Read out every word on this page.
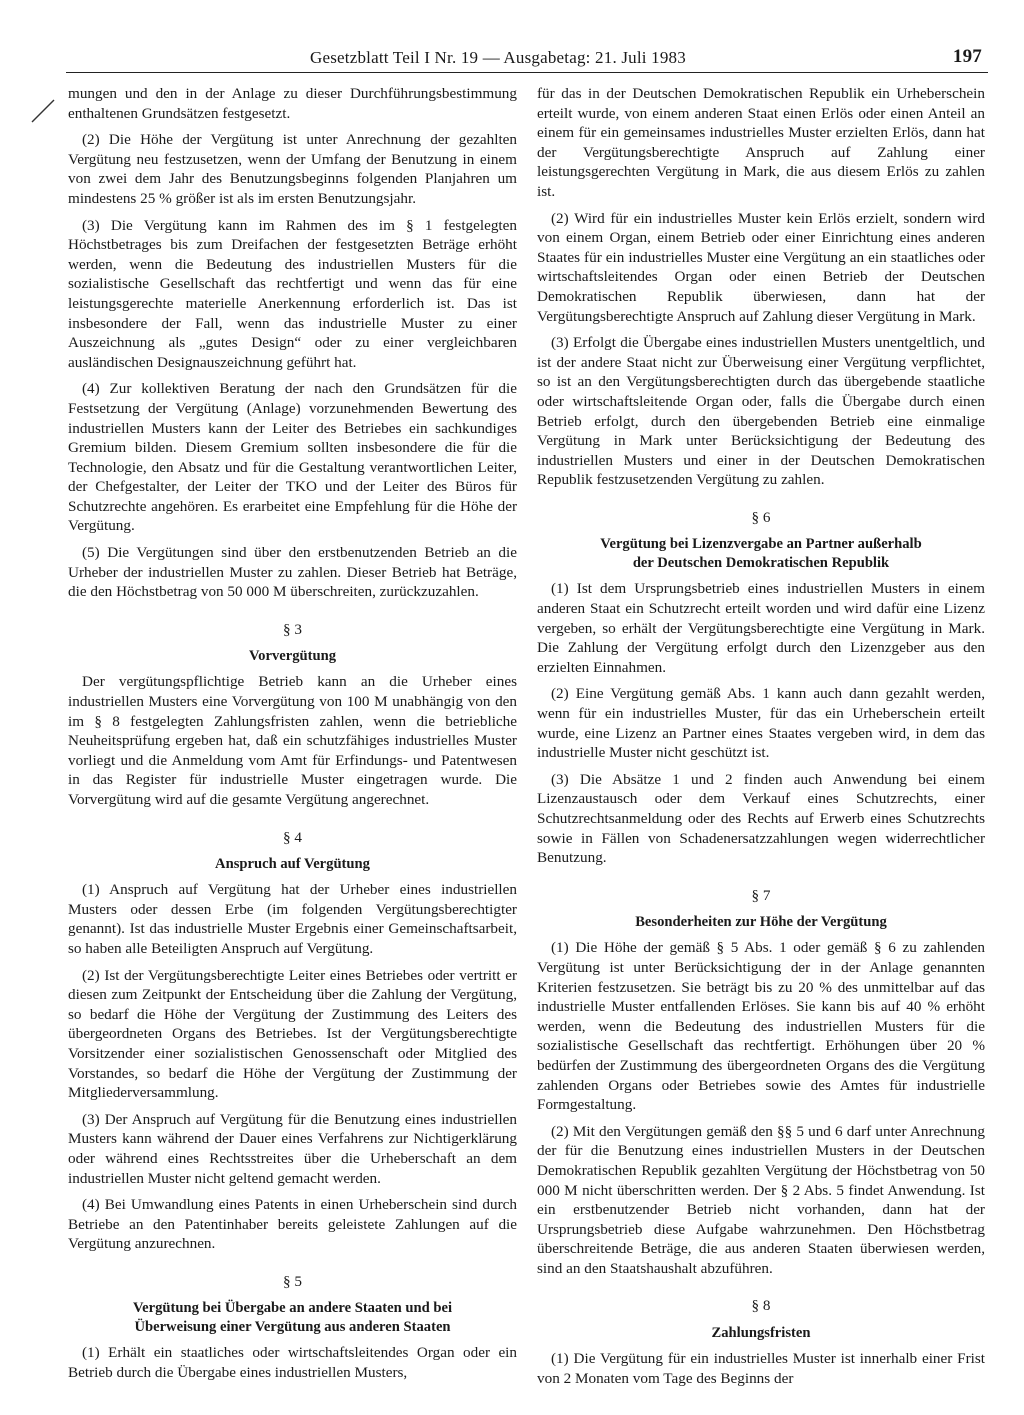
Gesetzblatt Teil I Nr. 19 — Ausgabetag: 21. Juli 1983	197

mungen und den in der Anlage zu dieser Durchführungsbestimmung enthaltenen Grundsätzen festgesetzt.

(2) Die Höhe der Vergütung ist unter Anrechnung der gezahlten Vergütung neu festzusetzen, wenn der Umfang der Benutzung in einem von zwei dem Jahr des Benutzungsbeginns folgenden Planjahren um mindestens 25 % größer ist als im ersten Benutzungsjahr.

(3) Die Vergütung kann im Rahmen des im § 1 festgelegten Höchstbetrages bis zum Dreifachen der festgesetzten Beträge erhöht werden, wenn die Bedeutung des industriellen Musters für die sozialistische Gesellschaft das rechtfertigt und wenn das für eine leistungsgerechte materielle Anerkennung erforderlich ist. Das ist insbesondere der Fall, wenn das industrielle Muster zu einer Auszeichnung als „gutes Design“ oder zu einer vergleichbaren ausländischen Designauszeichnung geführt hat.

(4) Zur kollektiven Beratung der nach den Grundsätzen für die Festsetzung der Vergütung (Anlage) vorzunehmenden Bewertung des industriellen Musters kann der Leiter des Betriebes ein sachkundiges Gremium bilden. Diesem Gremium sollten insbesondere die für die Technologie, den Absatz und für die Gestaltung verantwortlichen Leiter, der Chefgestalter, der Leiter der TKO und der Leiter des Büros für Schutzrechte angehören. Es erarbeitet eine Empfehlung für die Höhe der Vergütung.

(5) Die Vergütungen sind über den erstbenutzenden Betrieb an die Urheber der industriellen Muster zu zahlen. Dieser Betrieb hat Beträge, die den Höchstbetrag von 50 000 M überschreiten, zurückzuzahlen.

§ 3
Vorvergütung

Der vergütungspflichtige Betrieb kann an die Urheber eines industriellen Musters eine Vorvergütung von 100 M unabhängig von den im § 8 festgelegten Zahlungsfristen zahlen, wenn die betriebliche Neuheitsprüfung ergeben hat, daß ein schutzfähiges industrielles Muster vorliegt und die Anmeldung vom Amt für Erfindungs- und Patentwesen in das Register für industrielle Muster eingetragen wurde. Die Vorvergütung wird auf die gesamte Vergütung angerechnet.

§ 4
Anspruch auf Vergütung

(1) Anspruch auf Vergütung hat der Urheber eines industriellen Musters oder dessen Erbe (im folgenden Vergütungsberechtigter genannt). Ist das industrielle Muster Ergebnis einer Gemeinschaftsarbeit, so haben alle Beteiligten Anspruch auf Vergütung.

(2) Ist der Vergütungsberechtigte Leiter eines Betriebes oder vertritt er diesen zum Zeitpunkt der Entscheidung über die Zahlung der Vergütung, so bedarf die Höhe der Vergütung der Zustimmung des Leiters des übergeordneten Organs des Betriebes. Ist der Vergütungsberechtigte Vorsitzender einer sozialistischen Genossenschaft oder Mitglied des Vorstandes, so bedarf die Höhe der Vergütung der Zustimmung der Mitgliederversammlung.

(3) Der Anspruch auf Vergütung für die Benutzung eines industriellen Musters kann während der Dauer eines Verfahrens zur Nichtigerklärung oder während eines Rechtsstreites über die Urheberschaft an dem industriellen Muster nicht geltend gemacht werden.

(4) Bei Umwandlung eines Patents in einen Urheberschein sind durch Betriebe an den Patentinhaber bereits geleistete Zahlungen auf die Vergütung anzurechnen.

§ 5
Vergütung bei Übergabe an andere Staaten und bei
Überweisung einer Vergütung aus anderen Staaten

(1) Erhält ein staatliches oder wirtschaftsleitendes Organ oder ein Betrieb durch die Übergabe eines industriellen Musters,

für das in der Deutschen Demokratischen Republik ein Urheberschein erteilt wurde, von einem anderen Staat einen Erlös oder einen Anteil an einem für ein gemeinsames industrielles Muster erzielten Erlös, dann hat der Vergütungsberechtigte Anspruch auf Zahlung einer leistungsgerechten Vergütung in Mark, die aus diesem Erlös zu zahlen ist.

(2) Wird für ein industrielles Muster kein Erlös erzielt, sondern wird von einem Organ, einem Betrieb oder einer Einrichtung eines anderen Staates für ein industrielles Muster eine Vergütung an ein staatliches oder wirtschaftsleitendes Organ oder einen Betrieb der Deutschen Demokratischen Republik überwiesen, dann hat der Vergütungsberechtigte Anspruch auf Zahlung dieser Vergütung in Mark.

(3) Erfolgt die Übergabe eines industriellen Musters unentgeltlich, und ist der andere Staat nicht zur Überweisung einer Vergütung verpflichtet, so ist an den Vergütungsberechtigten durch das übergebende staatliche oder wirtschaftsleitende Organ oder, falls die Übergabe durch einen Betrieb erfolgt, durch den übergebenden Betrieb eine einmalige Vergütung in Mark unter Berücksichtigung der Bedeutung des industriellen Musters und einer in der Deutschen Demokratischen Republik festzusetzenden Vergütung zu zahlen.

§ 6
Vergütung bei Lizenzvergabe an Partner außerhalb
der Deutschen Demokratischen Republik

(1) Ist dem Ursprungsbetrieb eines industriellen Musters in einem anderen Staat ein Schutzrecht erteilt worden und wird dafür eine Lizenz vergeben, so erhält der Vergütungsberechtigte eine Vergütung in Mark. Die Zahlung der Vergütung erfolgt durch den Lizenzgeber aus den erzielten Einnahmen.

(2) Eine Vergütung gemäß Abs. 1 kann auch dann gezahlt werden, wenn für ein industrielles Muster, für das ein Urheberschein erteilt wurde, eine Lizenz an Partner eines Staates vergeben wird, in dem das industrielle Muster nicht geschützt ist.

(3) Die Absätze 1 und 2 finden auch Anwendung bei einem Lizenzaustausch oder dem Verkauf eines Schutzrechts, einer Schutzrechtsanmeldung oder des Rechts auf Erwerb eines Schutzrechts sowie in Fällen von Schadenersatzzahlungen wegen widerrechtlicher Benutzung.

§ 7
Besonderheiten zur Höhe der Vergütung

(1) Die Höhe der gemäß § 5 Abs. 1 oder gemäß § 6 zu zahlenden Vergütung ist unter Berücksichtigung der in der Anlage genannten Kriterien festzusetzen. Sie beträgt bis zu 20 % des unmittelbar auf das industrielle Muster entfallenden Erlöses. Sie kann bis auf 40 % erhöht werden, wenn die Bedeutung des industriellen Musters für die sozialistische Gesellschaft das rechtfertigt. Erhöhungen über 20 % bedürfen der Zustimmung des übergeordneten Organs des die Vergütung zahlenden Organs oder Betriebes sowie des Amtes für industrielle Formgestaltung.

(2) Mit den Vergütungen gemäß den §§ 5 und 6 darf unter Anrechnung der für die Benutzung eines industriellen Musters in der Deutschen Demokratischen Republik gezahlten Vergütung der Höchstbetrag von 50 000 M nicht überschritten werden. Der § 2 Abs. 5 findet Anwendung. Ist ein erstbenutzender Betrieb nicht vorhanden, dann hat der Ursprungsbetrieb diese Aufgabe wahrzunehmen. Den Höchstbetrag überschreitende Beträge, die aus anderen Staaten überwiesen werden, sind an den Staatshaushalt abzuführen.

§ 8
Zahlungsfristen

(1) Die Vergütung für ein industrielles Muster ist innerhalb einer Frist von 2 Monaten vom Tage des Beginns der
